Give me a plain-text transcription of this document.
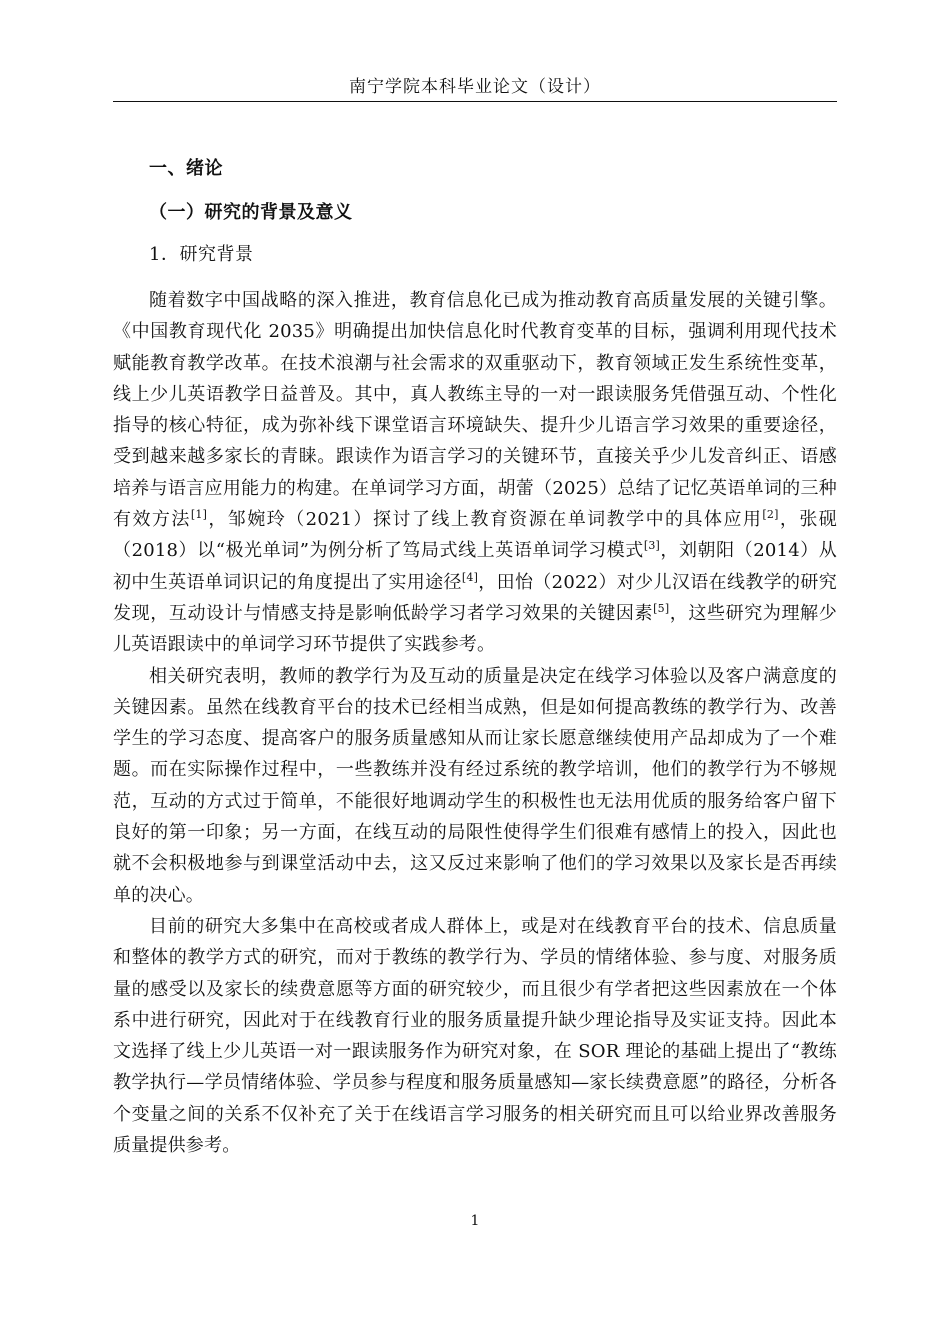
南宁学院本科毕业论文（设计）
一、绪论
（一）研究的背景及意义
1．研究背景

随着数字中国战略的深入推进，教育信息化已成为推动教育高质量发展的关键引擎。《中国教育现代化 2035》明确提出加快信息化时代教育变革的目标，强调利用现代技术赋能教育教学改革。在技术浪潮与社会需求的双重驱动下，教育领域正发生系统性变革，线上少儿英语教学日益普及。其中，真人教练主导的一对一跟读服务凭借强互动、个性化指导的核心特征，成为弥补线下课堂语言环境缺失、提升少儿语言学习效果的重要途径，受到越来越多家长的青睐。跟读作为语言学习的关键环节，直接关乎少儿发音纠正、语感培养与语言应用能力的构建。在单词学习方面，胡蕾（2025）总结了记忆英语单词的三种有效方法[1]，邹婉玲（2021）探讨了线上教育资源在单词教学中的具体应用[2]，张砚（2018）以“极光单词”为例分析了笃局式线上英语单词学习模式[3]，刘朝阳（2014）从初中生英语单词识记的角度提出了实用途径[4]，田怡（2022）对少儿汉语在线教学的研究发现，互动设计与情感支持是影响低龄学习者学习效果的关键因素[5]，这些研究为理解少儿英语跟读中的单词学习环节提供了实践参考。

相关研究表明，教师的教学行为及互动的质量是决定在线学习体验以及客户满意度的关键因素。虽然在线教育平台的技术已经相当成熟，但是如何提高教练的教学行为、改善学生的学习态度、提高客户的服务质量感知从而让家长愿意继续使用产品却成为了一个难题。而在实际操作过程中，一些教练并没有经过系统的教学培训，他们的教学行为不够规范，互动的方式过于简单，不能很好地调动学生的积极性也无法用优质的服务给客户留下良好的第一印象；另一方面，在线互动的局限性使得学生们很难有感情上的投入，因此也就不会积极地参与到课堂活动中去，这又反过来影响了他们的学习效果以及家长是否再续单的决心。

目前的研究大多集中在高校或者成人群体上，或是对在线教育平台的技术、信息质量和整体的教学方式的研究，而对于教练的教学行为、学员的情绪体验、参与度、对服务质量的感受以及家长的续费意愿等方面的研究较少，而且很少有学者把这些因素放在一个体系中进行研究，因此对于在线教育行业的服务质量提升缺少理论指导及实证支持。因此本文选择了线上少儿英语一对一跟读服务作为研究对象，在 SOR 理论的基础上提出了“教练教学执行—学员情绪体验、学员参与程度和服务质量感知—家长续费意愿”的路径，分析各个变量之间的关系不仅补充了关于在线语言学习服务的相关研究而且可以给业界改善服务质量提供参考。

1
